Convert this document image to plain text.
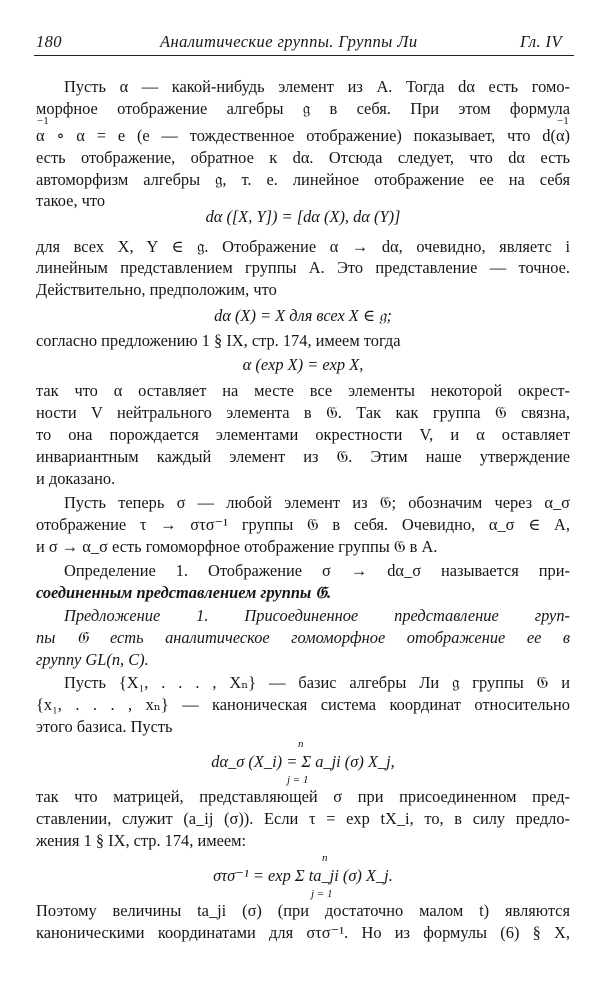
180	Аналитические группы. Группы Ли	Гл. IV
−1	−1
Пусть α — какой-нибудь элемент из A. Тогда dα есть гомо-
морфное отображение алгебры 𝔤 в себя. При этом формула
α ∘ α = e (e — тождественное отображение) показывает, что d(α)
есть отображение, обратное к dα. Отсюда следует, что dα есть
автоморфизм алгебры 𝔤, т. е. линейное отображение ее на себя
такое, что
dα ([X, Y]) = [dα (X), dα (Y)]
для всех X, Y ∈ 𝔤. Отображение α → dα, очевидно, являетс і
линейным представлением группы A. Это представление — точное.
Действительно, предположим, что
dα (X) = X для всех X ∈ 𝔤;
согласно предложению 1 § IX, стр. 174, имеем тогда
α (exp X) = exp X,
так что α оставляет на месте все элементы некоторой окрест-
ности V нейтрального элемента в 𝔊. Так как группа 𝔊 связна,
то она порождается элементами окрестности V, и α оставляет
инвариантным каждый элемент из 𝔊. Этим наше утверждение
и доказано.
Пусть теперь σ — любой элемент из 𝔊; обозначим через α_σ
отображение τ → στσ⁻¹ группы 𝔊 в себя. Очевидно, α_σ ∈ A,
и σ → α_σ есть гомоморфное отображение группы 𝔊 в A.
Определение 1. Отображение σ → dα_σ называется при-
соединенным представлением группы 𝔊.
Предложение 1. Присоединенное представление груп-
пы 𝔊 есть аналитическое гомоморфное отображение ее в
группу GL(n, C).
Пусть {X₁, . . . , Xₙ} — базис алгебры Ли 𝔤 группы 𝔊 и
{x₁, . . . , xₙ} — каноническая система координат относительно
этого базиса. Пусть
dα_σ (X_i) = Σ a_ji (σ) X_j,
n
j = 1
так что матрицей, представляющей σ при присоединенном пред-
ставлении, служит (a_ij (σ)). Если τ = exp tX_i, то, в силу предло-
жения 1 § IX, стр. 174, имеем:
στσ⁻¹ = exp Σ ta_ji (σ) X_j.
n
j = 1
Поэтому величины ta_ji (σ) (при достаточно малом t) являются
каноническими координатами для στσ⁻¹. Но из формулы (6) § X,
